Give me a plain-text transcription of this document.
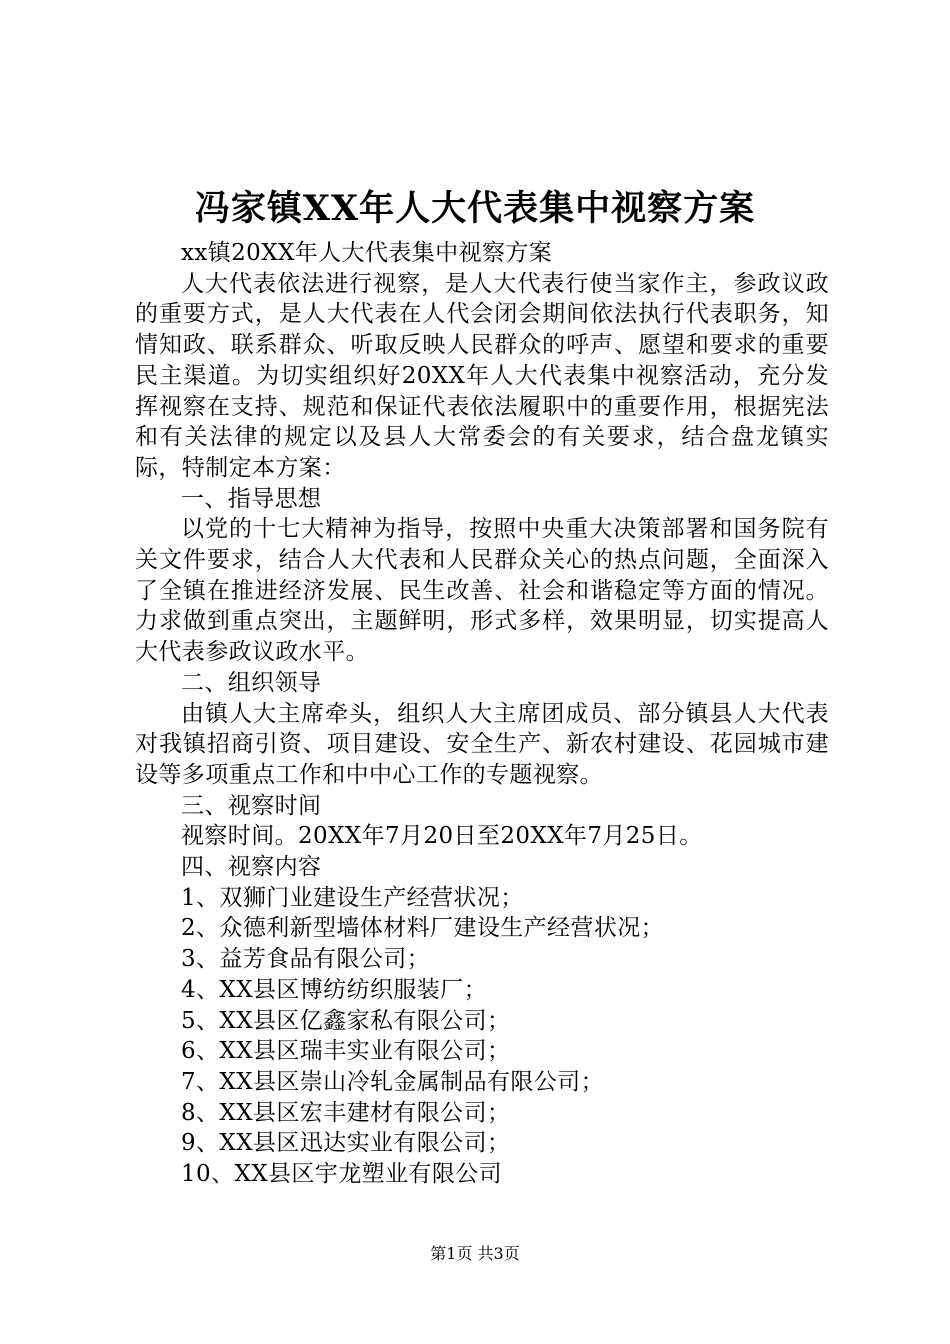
冯家镇XX年人大代表集中视察方案

xx镇20XX年人大代表集中视察方案

人大代表依法进行视察，是人大代表行使当家作主，参政议政的重要方式，是人大代表在人代会闭会期间依法执行代表职务，知情知政、联系群众、听取反映人民群众的呼声、愿望和要求的重要民主渠道。为切实组织好20XX年人大代表集中视察活动，充分发挥视察在支持、规范和保证代表依法履职中的重要作用，根据宪法和有关法律的规定以及县人大常委会的有关要求，结合盘龙镇实际，特制定本方案：

一、指导思想

以党的十七大精神为指导，按照中央重大决策部署和国务院有关文件要求，结合人大代表和人民群众关心的热点问题，全面深入了全镇在推进经济发展、民生改善、社会和谐稳定等方面的情况。力求做到重点突出，主题鲜明，形式多样，效果明显，切实提高人大代表参政议政水平。

二、组织领导

由镇人大主席牵头，组织人大主席团成员、部分镇县人大代表对我镇招商引资、项目建设、安全生产、新农村建设、花园城市建设等多项重点工作和中中心工作的专题视察。

三、视察时间

视察时间。20XX年7月20日至20XX年7月25日。

四、视察内容

1、双狮门业建设生产经营状况；

2、众德利新型墙体材料厂建设生产经营状况；

3、益芳食品有限公司；

4、XX县区博纺纺织服装厂；

5、XX县区亿鑫家私有限公司；

6、XX县区瑞丰实业有限公司；

7、XX县区崇山冷轧金属制品有限公司；

8、XX县区宏丰建材有限公司；

9、XX县区迅达实业有限公司；

10、XX县区宇龙塑业有限公司

第1页 共3页
